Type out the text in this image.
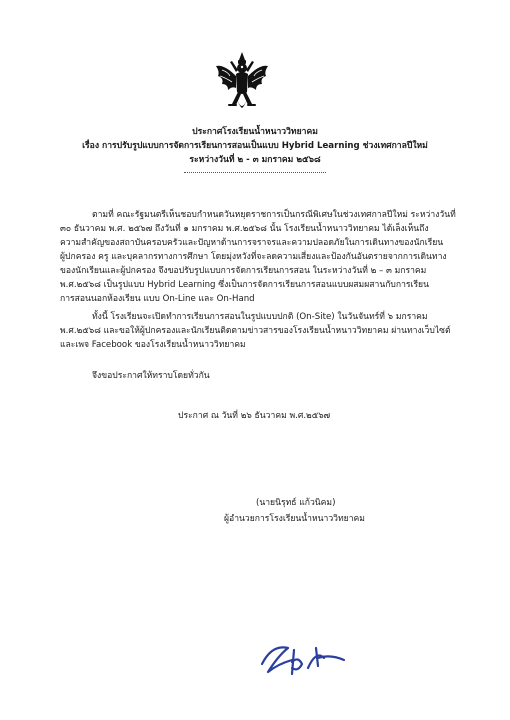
ประกาศโรงเรียนน้ำหนาววิทยาคม
เรื่อง การปรับรูปแบบการจัดการเรียนการสอนเป็นแบบ Hybrid Learning ช่วงเทศกาลปีใหม่
ระหว่างวันที่ ๒ - ๓ มกราคม ๒๕๖๘
ตามที่ คณะรัฐมนตรีเห็นชอบกำหนดวันหยุดราชการเป็นกรณีพิเศษในช่วงเทศกาลปีใหม่ ระหว่างวันที่
๓๐ ธันวาคม พ.ศ. ๒๕๖๗ ถึงวันที่ ๑ มกราคม พ.ศ.๒๕๖๘ นั้น โรงเรียนน้ำหนาววิทยาคม ได้เล็งเห็นถึง
ความสำคัญของสถาบันครอบครัวและปัญหาด้านการจราจรและความปลอดภัยในการเดินทางของนักเรียน
ผู้ปกครอง ครู และบุคลากรทางการศึกษา โดยมุ่งหวังที่จะลดความเสี่ยงและป้องกันอันตรายจากการเดินทาง
ของนักเรียนและผู้ปกครอง จึงขอปรับรูปแบบการจัดการเรียนการสอน ในระหว่างวันที่ ๒ – ๓ มกราคม
พ.ศ.๒๕๖๘ เป็นรูปแบบ Hybrid Learning ซึ่งเป็นการจัดการเรียนการสอนแบบผสมผสานกับการเรียน
การสอนนอกห้องเรียน แบบ On-Line และ On-Hand
ทั้งนี้ โรงเรียนจะเปิดทำการเรียนการสอนในรูปแบบปกติ (On-Site) ในวันจันทร์ที่ ๖ มกราคม
พ.ศ.๒๕๖๘ และขอให้ผู้ปกครองและนักเรียนติดตามข่าวสารของโรงเรียนน้ำหนาววิทยาคม ผ่านทางเว็บไซต์
และเพจ Facebook ของโรงเรียนน้ำหนาววิทยาคม
จึงขอประกาศให้ทราบโดยทั่วกัน
ประกาศ ณ วันที่ ๒๖ ธันวาคม พ.ศ.๒๕๖๗
(นายนิรุทธ์ แก้วนิคม)
ผู้อำนวยการโรงเรียนน้ำหนาววิทยาคม
